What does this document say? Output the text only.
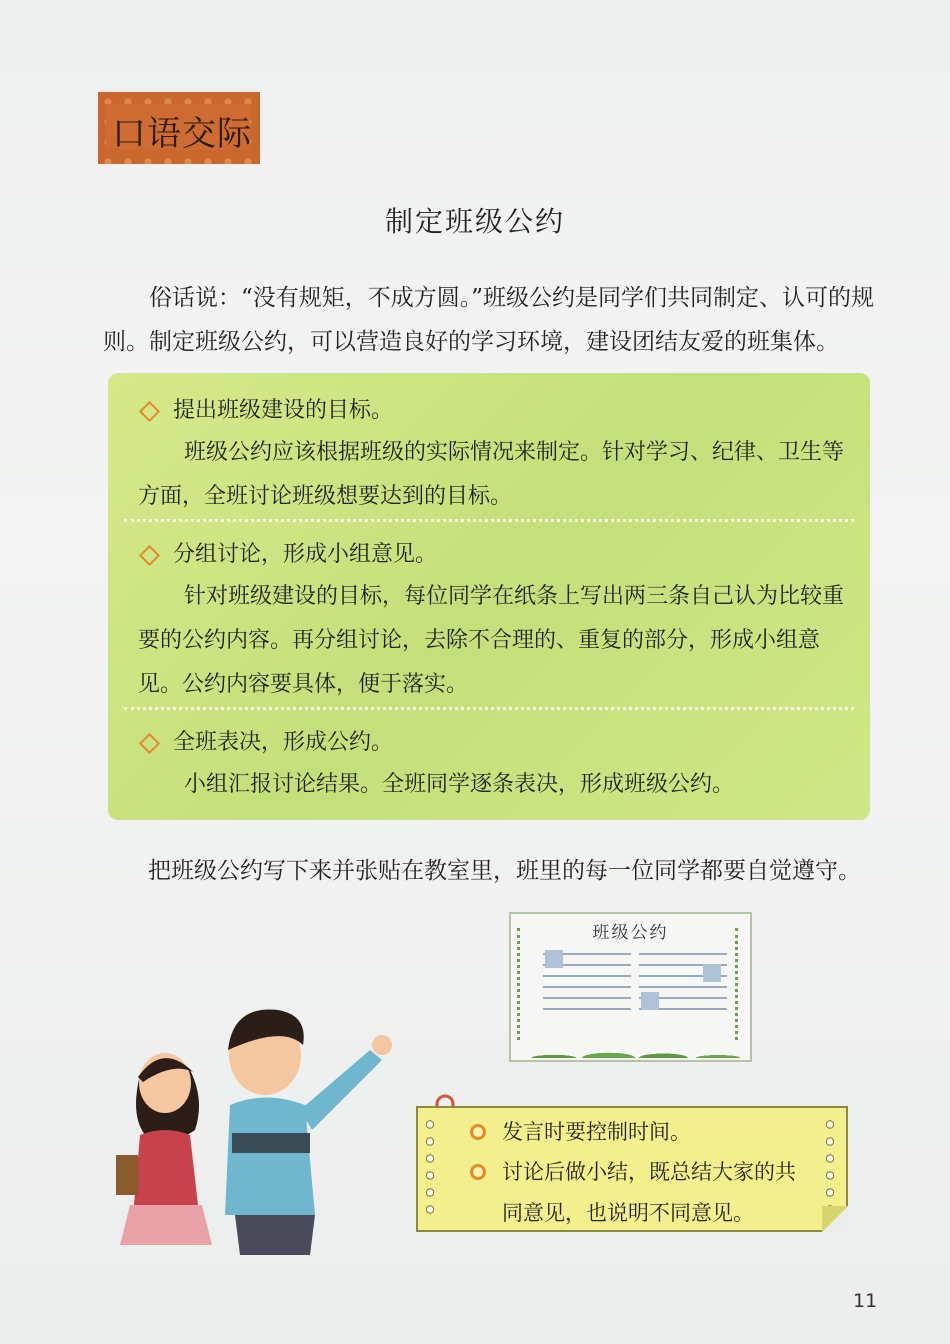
口语交际
制定班级公约
俗话说：“没有规矩，不成方圆。”班级公约是同学们共同制定、认可的规则。制定班级公约，可以营造良好的学习环境，建设团结友爱的班集体。
提出班级建设的目标。
班级公约应该根据班级的实际情况来制定。针对学习、纪律、卫生等方面，全班讨论班级想要达到的目标。
分组讨论，形成小组意见。
针对班级建设的目标，每位同学在纸条上写出两三条自己认为比较重要的公约内容。再分组讨论，去除不合理的、重复的部分，形成小组意见。公约内容要具体，便于落实。
全班表决，形成公约。
小组汇报讨论结果。全班同学逐条表决，形成班级公约。
把班级公约写下来并张贴在教室里，班里的每一位同学都要自觉遵守。
班级公约
发言时要控制时间。
讨论后做小结，既总结大家的共同意见，也说明不同意见。
11
